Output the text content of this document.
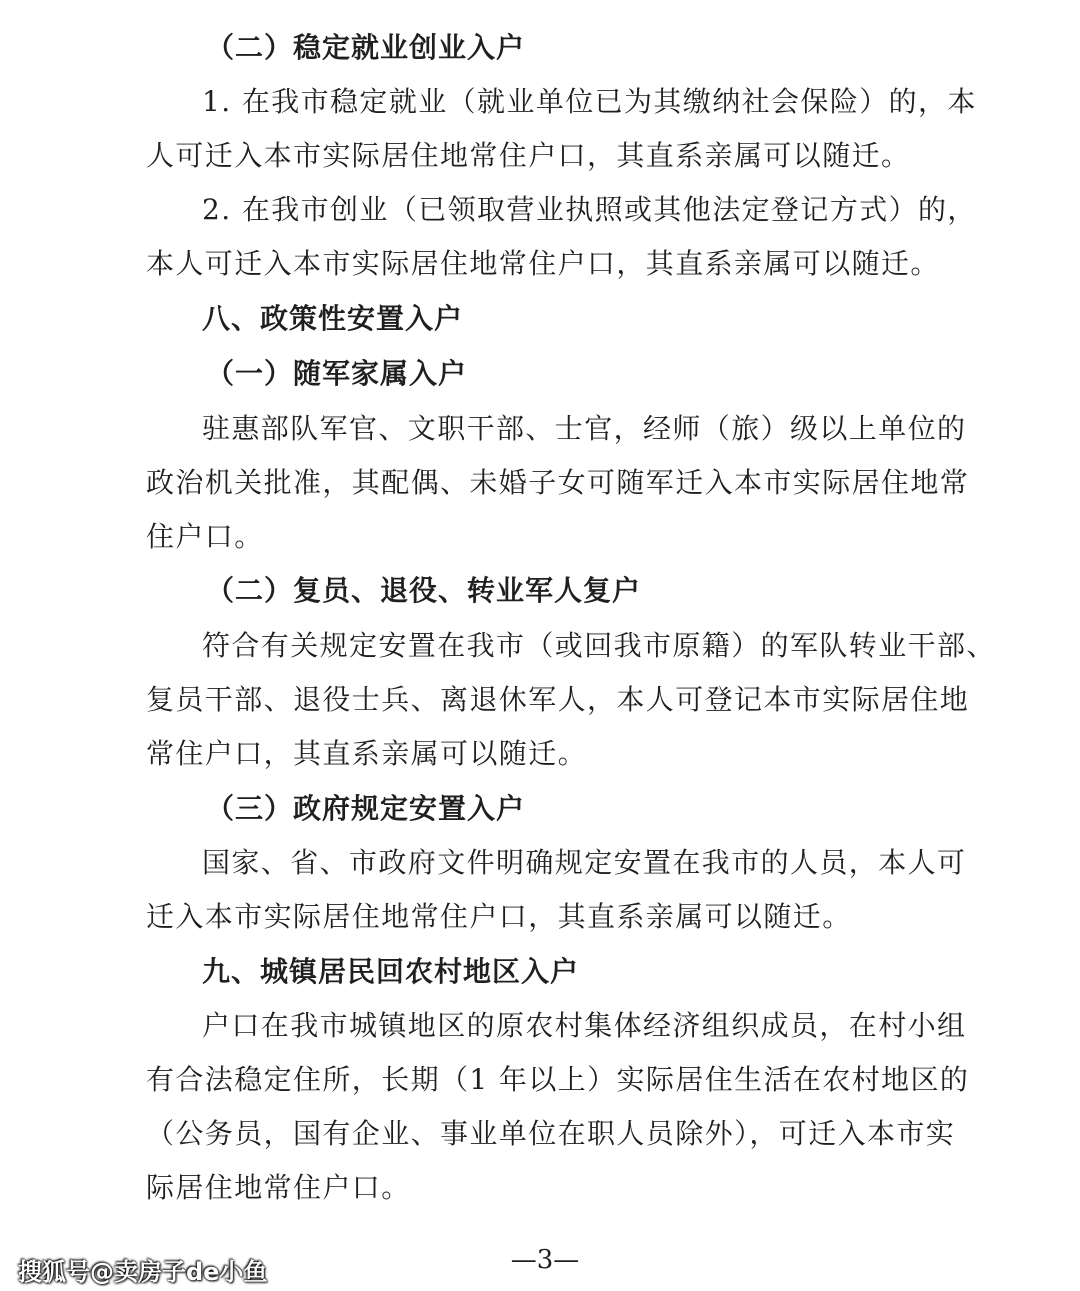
（二）稳定就业创业入户
1. 在我市稳定就业（就业单位已为其缴纳社会保险）的，本
人可迁入本市实际居住地常住户口，其直系亲属可以随迁。
2. 在我市创业（已领取营业执照或其他法定登记方式）的，
本人可迁入本市实际居住地常住户口，其直系亲属可以随迁。
八、政策性安置入户
（一）随军家属入户
驻惠部队军官、文职干部、士官，经师（旅）级以上单位的
政治机关批准，其配偶、未婚子女可随军迁入本市实际居住地常
住户口。
（二）复员、退役、转业军人复户
符合有关规定安置在我市（或回我市原籍）的军队转业干部、
复员干部、退役士兵、离退休军人，本人可登记本市实际居住地
常住户口，其直系亲属可以随迁。
（三）政府规定安置入户
国家、省、市政府文件明确规定安置在我市的人员，本人可
迁入本市实际居住地常住户口，其直系亲属可以随迁。
九、城镇居民回农村地区入户
户口在我市城镇地区的原农村集体经济组织成员，在村小组
有合法稳定住所，长期（1 年以上）实际居住生活在农村地区的
（公务员，国有企业、事业单位在职人员除外），可迁入本市实
际居住地常住户口。
—3—
搜狐号@卖房子de小鱼
